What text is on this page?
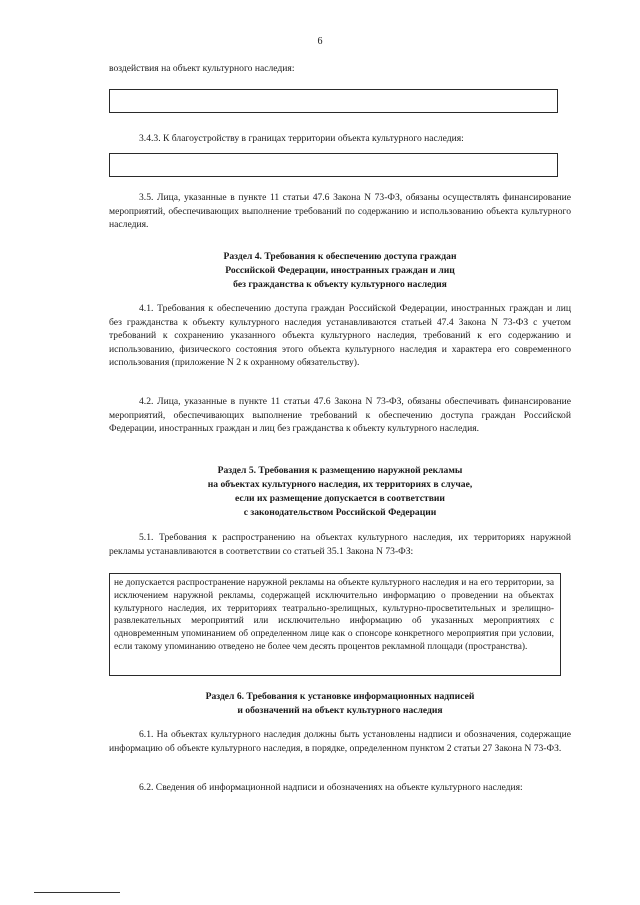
6
воздействия на объект культурного наследия:
3.4.3. К благоустройству в границах территории объекта культурного наследия:
3.5. Лица, указанные в пункте 11 статьи 47.6 Закона N 73-ФЗ, обязаны осуществлять финансирование мероприятий, обеспечивающих выполнение требований по содержанию и использованию объекта культурного наследия.
Раздел 4. Требования к обеспечению доступа граждан
Российской Федерации, иностранных граждан и лиц
без гражданства к объекту культурного наследия
4.1. Требования к обеспечению доступа граждан Российской Федерации, иностранных граждан и лиц без гражданства к объекту культурного наследия устанавливаются статьей 47.4 Закона N 73-ФЗ с учетом требований к сохранению указанного объекта культурного наследия, требований к его содержанию и использованию, физического состояния этого объекта культурного наследия и характера его современного использования (приложение N 2 к охранному обязательству).
4.2. Лица, указанные в пункте 11 статьи 47.6 Закона N 73-ФЗ, обязаны обеспечивать финансирование мероприятий, обеспечивающих выполнение требований к обеспечению доступа граждан Российской Федерации, иностранных граждан и лиц без гражданства к объекту культурного наследия.
Раздел 5. Требования к размещению наружной рекламы
на объектах культурного наследия, их территориях в случае,
если их размещение допускается в соответствии
с законодательством Российской Федерации
5.1. Требования к распространению на объектах культурного наследия, их территориях наружной рекламы устанавливаются в соответствии со статьей 35.1 Закона N 73-ФЗ:
не допускается распространение наружной рекламы на объекте культурного наследия и на его территории, за исключением наружной рекламы, содержащей исключительно информацию о проведении на объектах культурного наследия, их территориях театрально-зрелищных, культурно-просветительных и зрелищно-развлекательных мероприятий или исключительно информацию об указанных мероприятиях с одновременным упоминанием об определенном лице как о спонсоре конкретного мероприятия при условии, если такому упоминанию отведено не более чем десять процентов рекламной площади (пространства).
Раздел 6. Требования к установке информационных надписей
и обозначений на объект культурного наследия
6.1. На объектах культурного наследия должны быть установлены надписи и обозначения, содержащие информацию об объекте культурного наследия, в порядке, определенном пунктом 2 статьи 27 Закона N 73-ФЗ.
6.2. Сведения об информационной надписи и обозначениях на объекте культурного наследия:
